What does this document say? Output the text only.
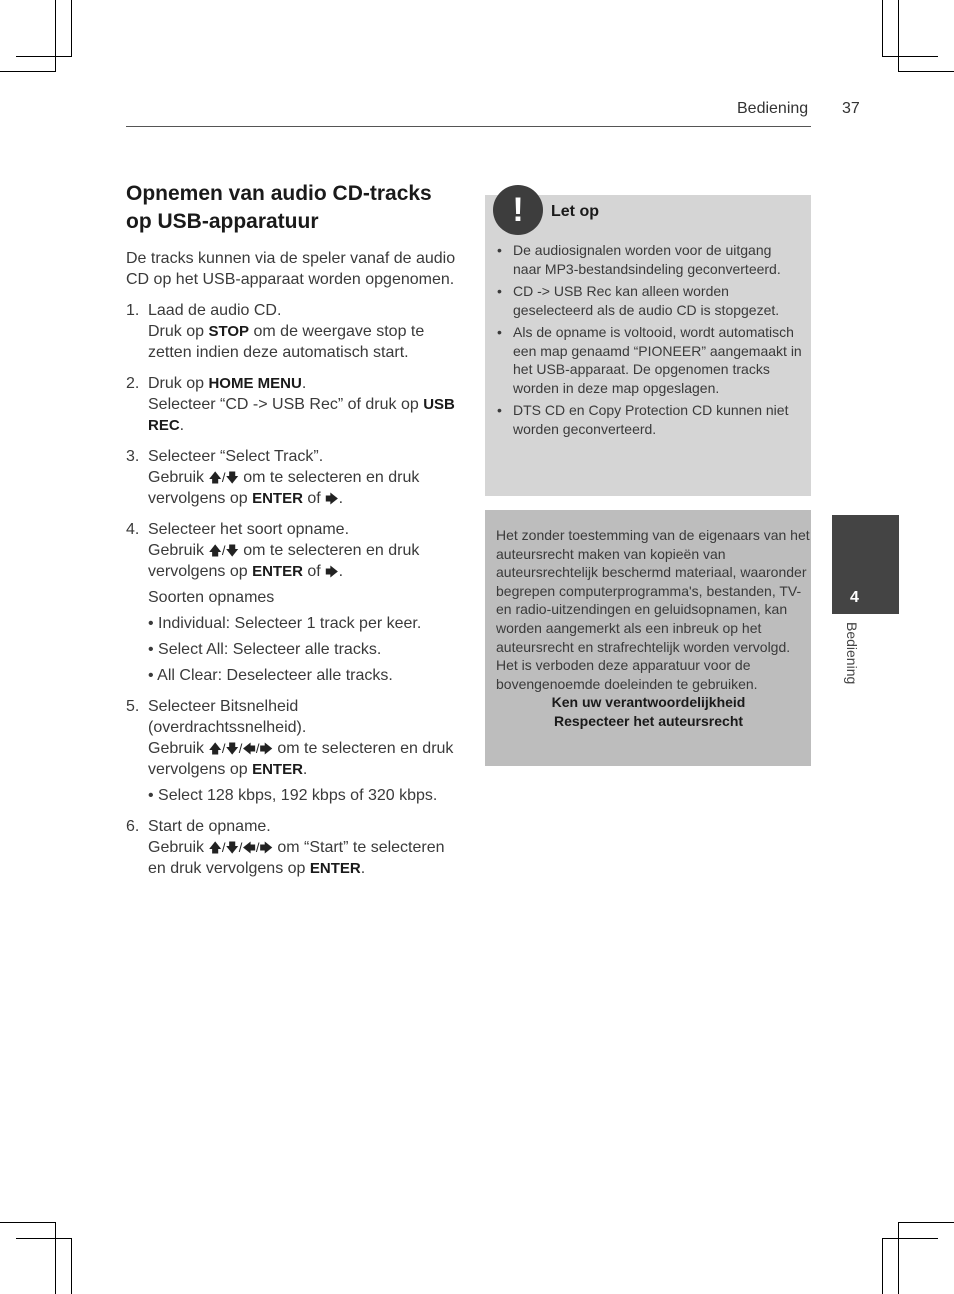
Bediening 37
Opnemen van audio CD-tracks op USB-apparatuur

De tracks kunnen via de speler vanaf de audio CD op het USB-apparaat worden opgenomen.

1. Laad de audio CD.
Druk op STOP om de weergave stop te zetten indien deze automatisch start.
2. Druk op HOME MENU.
Selecteer “CD -> USB Rec” of druk op USB REC.
3. Selecteer “Select Track”.
Gebruik 🡅/🡇 om te selecteren en druk vervolgens op ENTER of 🡆.
4. Selecteer het soort opname.
Gebruik 🡅/🡇 om te selecteren en druk vervolgens op ENTER of 🡆.
Soorten opnames
• Individual: Selecteer 1 track per keer.
• Select All: Selecteer alle tracks.
• All Clear: Deselecteer alle tracks.
5. Selecteer Bitsnelheid (overdrachtssnelheid).
Gebruik 🡅/🡇/🡄/🡆 om te selecteren en druk vervolgens op ENTER.
• Select 128 kbps, 192 kbps of 320 kbps.
6. Start de opname.
Gebruik 🡅/🡇/🡄/🡆 om “Start” te selecteren en druk vervolgens op ENTER.
!	Let op
• De audiosignalen worden voor de uitgang naar MP3-bestandsindeling geconverteerd.
• CD -> USB Rec kan alleen worden geselecteerd als de audio CD is stopgezet.
• Als de opname is voltooid, wordt automatisch een map genaamd “PIONEER” aangemaakt in het USB-apparaat. De opgenomen tracks worden in deze map opgeslagen.
• DTS CD en Copy Protection CD kunnen niet worden geconverteerd.
Het zonder toestemming van de eigenaars van het auteursrecht maken van kopieën van auteursrechtelijk beschermd materiaal, waaronder begrepen computerprogramma's, bestanden, TV- en radio-uitzendingen en geluidsopnamen, kan worden aangemerkt als een inbreuk op het auteursrecht en strafrechtelijk worden vervolgd. Het is verboden deze apparatuur voor de bovengenoemde doeleinden te gebruiken.
Ken uw verantwoordelijkheid
Respecteer het auteursrecht
4
Bediening
